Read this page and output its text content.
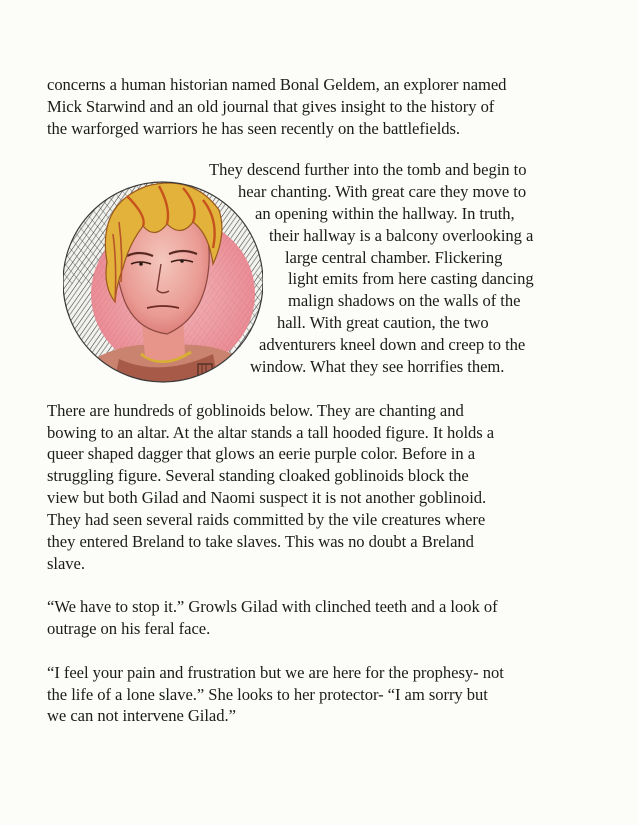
concerns a human historian named Bonal Geldem, an explorer named

Mick Starwind and an old journal that gives insight to the history of

the warforged warriors he has seen recently on the battlefields.

They descend further into the tomb and begin to

hear chanting. With great care they move to

an opening within the hallway. In truth,

their hallway is a balcony overlooking a

large central chamber. Flickering

light emits from here casting dancing

malign shadows on the walls of the

hall. With great caution, the two

adventurers kneel down and creep to the

window. What they see horrifies them.

There are hundreds of goblinoids below. They are chanting and

bowing to an altar. At the altar stands a tall hooded figure. It holds a

queer shaped dagger that glows an eerie purple color. Before in a

struggling figure. Several standing cloaked goblinoids block the

view but both Gilad and Naomi suspect it is not another goblinoid.

They had seen several raids committed by the vile creatures where

they entered Breland to take slaves. This was no doubt a Breland

slave.

“We have to stop it.” Growls Gilad with clinched teeth and a look of

outrage on his feral face.

“I feel your pain and frustration but we are here for the prophesy- not

the life of a lone slave.” She looks to her protector- “I am sorry but

we can not intervene Gilad.”
